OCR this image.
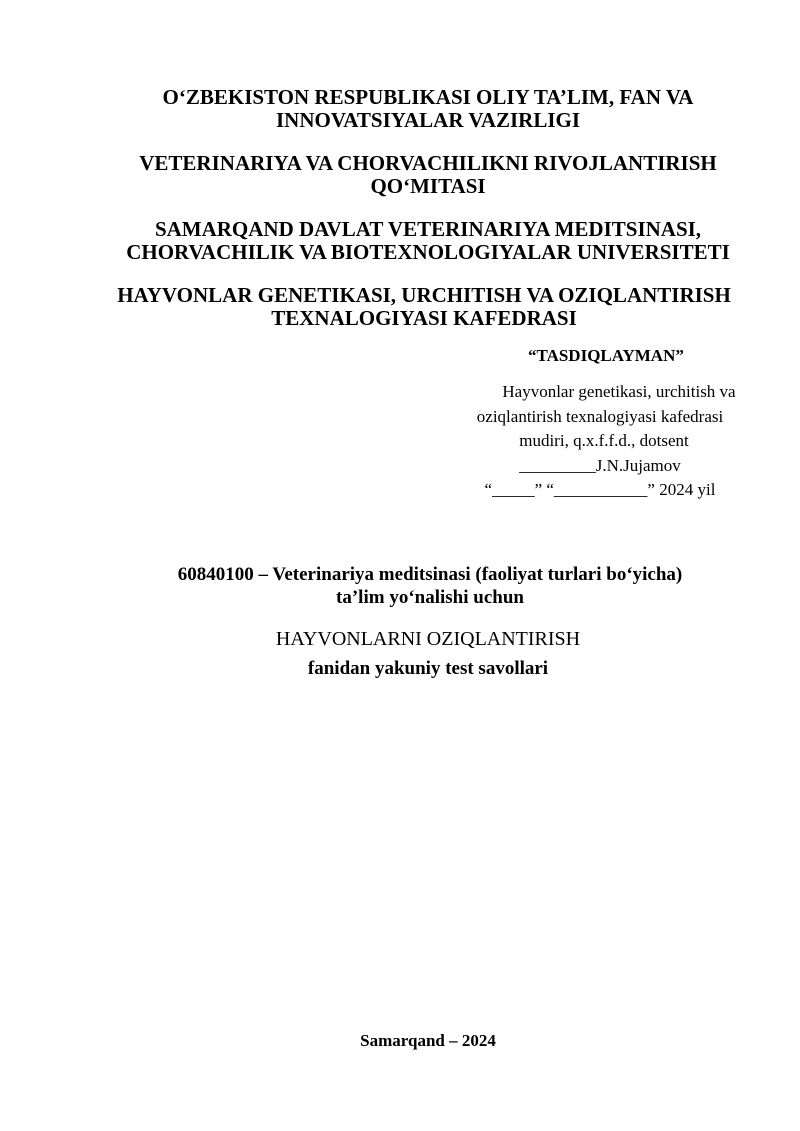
O‘ZBEKISTON RESPUBLIKASI OLIY TA’LIM, FAN VA
INNOVATSIYALAR VAZIRLIGI
VETERINARIYA VA CHORVACHILIKNI RIVOJLANTIRISH
QO‘MITASI
SAMARQAND DAVLAT VETERINARIYA MEDITSINASI,
CHORVACHILIK VA BIOTEXNOLOGIYALAR UNIVERSITETI
HAYVONLAR GENETIKASI, URCHITISH VA OZIQLANTIRISH
TEXNALOGIYASI KAFEDRASI
“TASDIQLAYMAN”
Hayvonlar genetikasi, urchitish va
oziqlantirish texnalogiyasi kafedrasi
mudiri, q.x.f.f.d., dotsent
_________J.N.Jujamov
“_____” “___________” 2024 yil
60840100 – Veterinariya meditsinasi (faoliyat turlari bo‘yicha)
ta’lim yo‘nalishi uchun
HAYVONLARNI OZIQLANTIRISH
fanidan yakuniy test savollari
Samarqand – 2024
